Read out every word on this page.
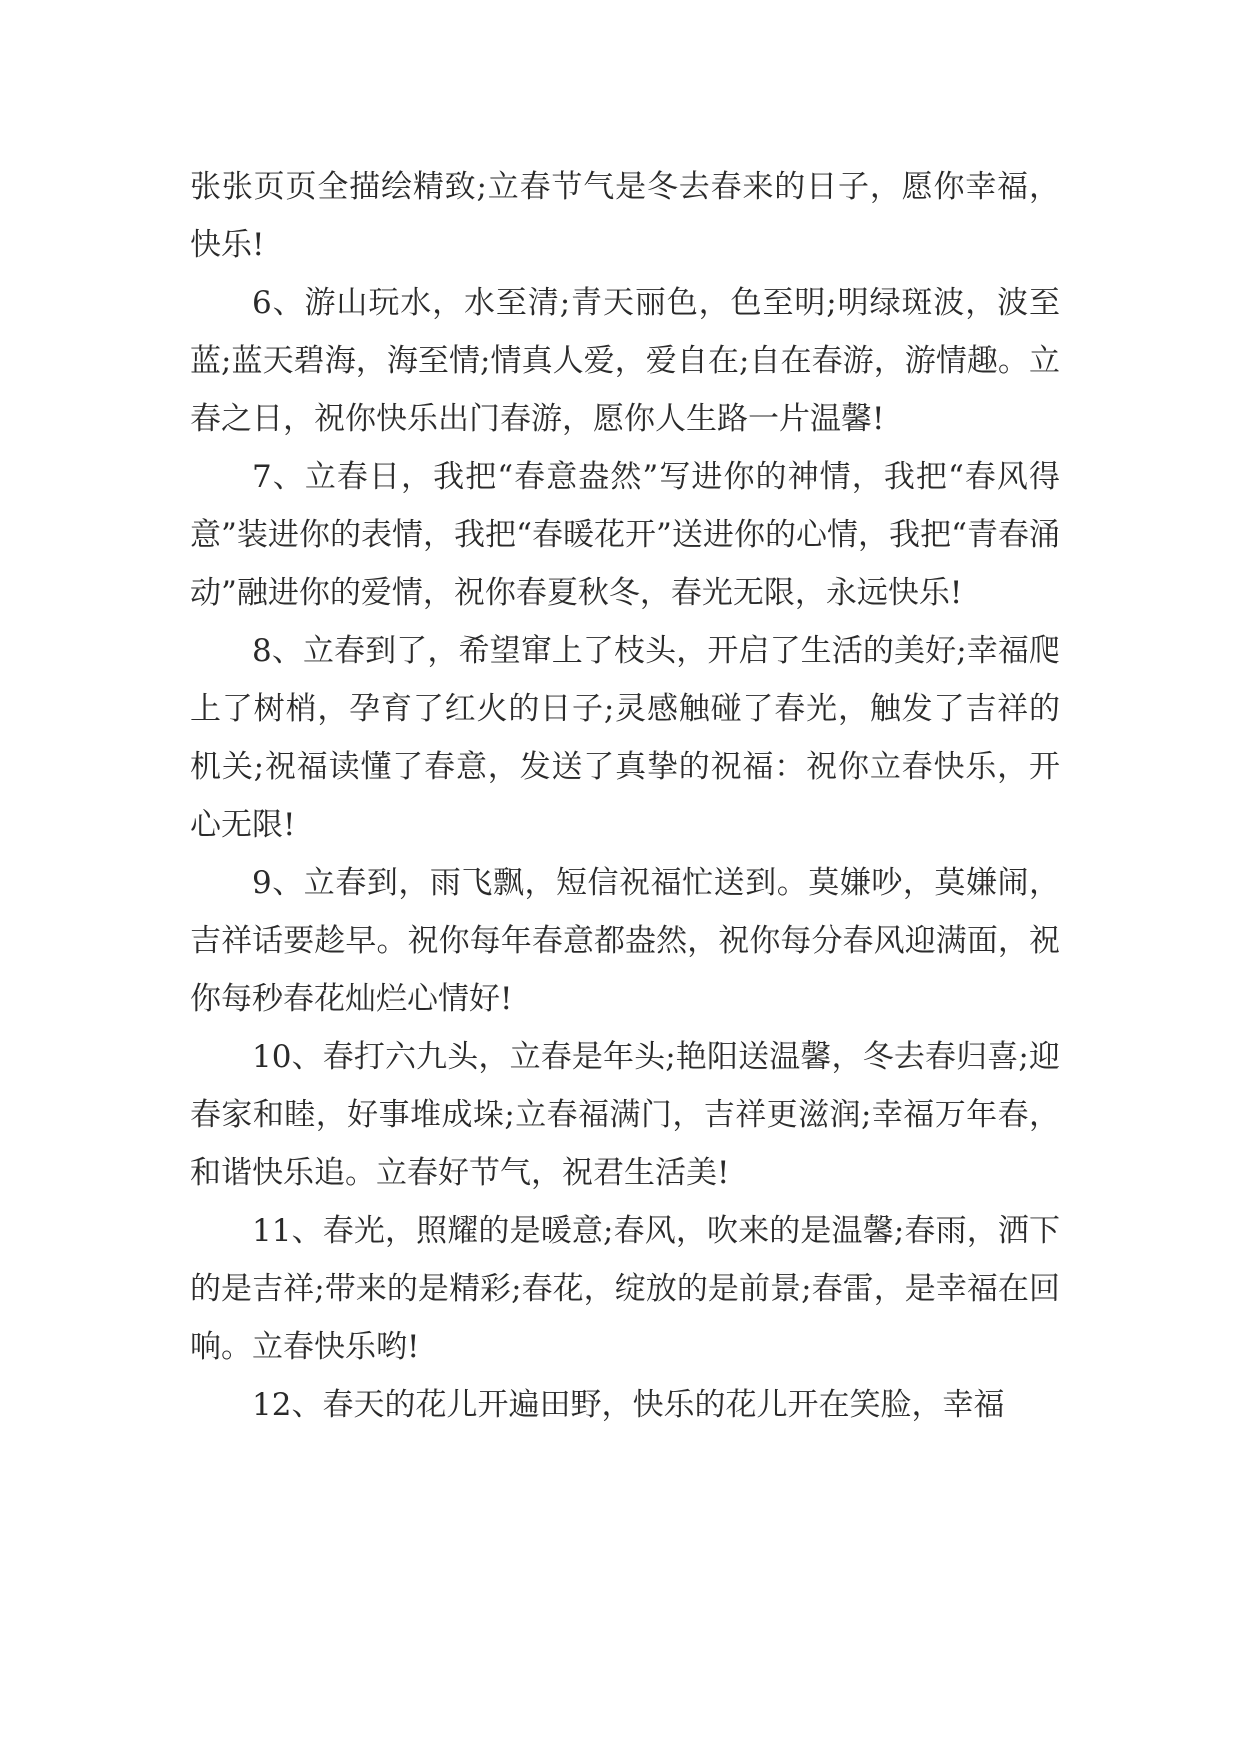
张张页页全描绘精致;立春节气是冬去春来的日子，愿你幸福，快乐!

6、游山玩水，水至清;青天丽色，色至明;明绿斑波，波至蓝;蓝天碧海，海至情;情真人爱，爱自在;自在春游，游情趣。立春之日，祝你快乐出门春游，愿你人生路一片温馨!

7、立春日，我把“春意盎然”写进你的神情，我把“春风得意”装进你的表情，我把“春暖花开”送进你的心情，我把“青春涌动”融进你的爱情，祝你春夏秋冬，春光无限，永远快乐!

8、立春到了，希望窜上了枝头，开启了生活的美好;幸福爬上了树梢，孕育了红火的日子;灵感触碰了春光，触发了吉祥的机关;祝福读懂了春意，发送了真挚的祝福：祝你立春快乐，开心无限!

9、立春到，雨飞飘，短信祝福忙送到。莫嫌吵，莫嫌闹，吉祥话要趁早。祝你每年春意都盎然，祝你每分春风迎满面，祝你每秒春花灿烂心情好!

10、春打六九头，立春是年头;艳阳送温馨，冬去春归喜;迎春家和睦，好事堆成垛;立春福满门，吉祥更滋润;幸福万年春，和谐快乐追。立春好节气，祝君生活美!

11、春光，照耀的是暖意;春风，吹来的是温馨;春雨，洒下的是吉祥;带来的是精彩;春花，绽放的是前景;春雷，是幸福在回响。立春快乐哟!

12、春天的花儿开遍田野，快乐的花儿开在笑脸，幸福
